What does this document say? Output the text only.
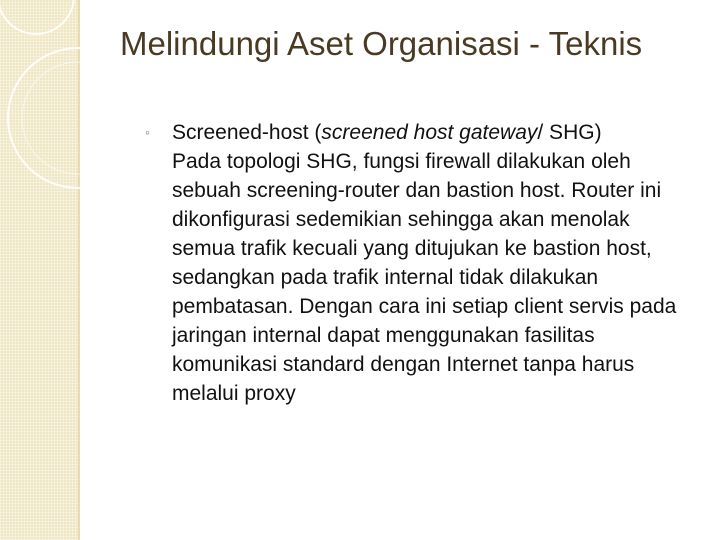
Melindungi Aset Organisasi - Teknis
◦ Screened-host (screened host gateway/ SHG)
Pada topologi SHG, fungsi firewall dilakukan oleh sebuah screening-router dan bastion host. Router ini dikonfigurasi sedemikian sehingga akan menolak semua trafik kecuali yang ditujukan ke bastion host, sedangkan pada trafik internal tidak dilakukan pembatasan. Dengan cara ini setiap client servis pada jaringan internal dapat menggunakan fasilitas komunikasi standard dengan Internet tanpa harus melalui proxy
